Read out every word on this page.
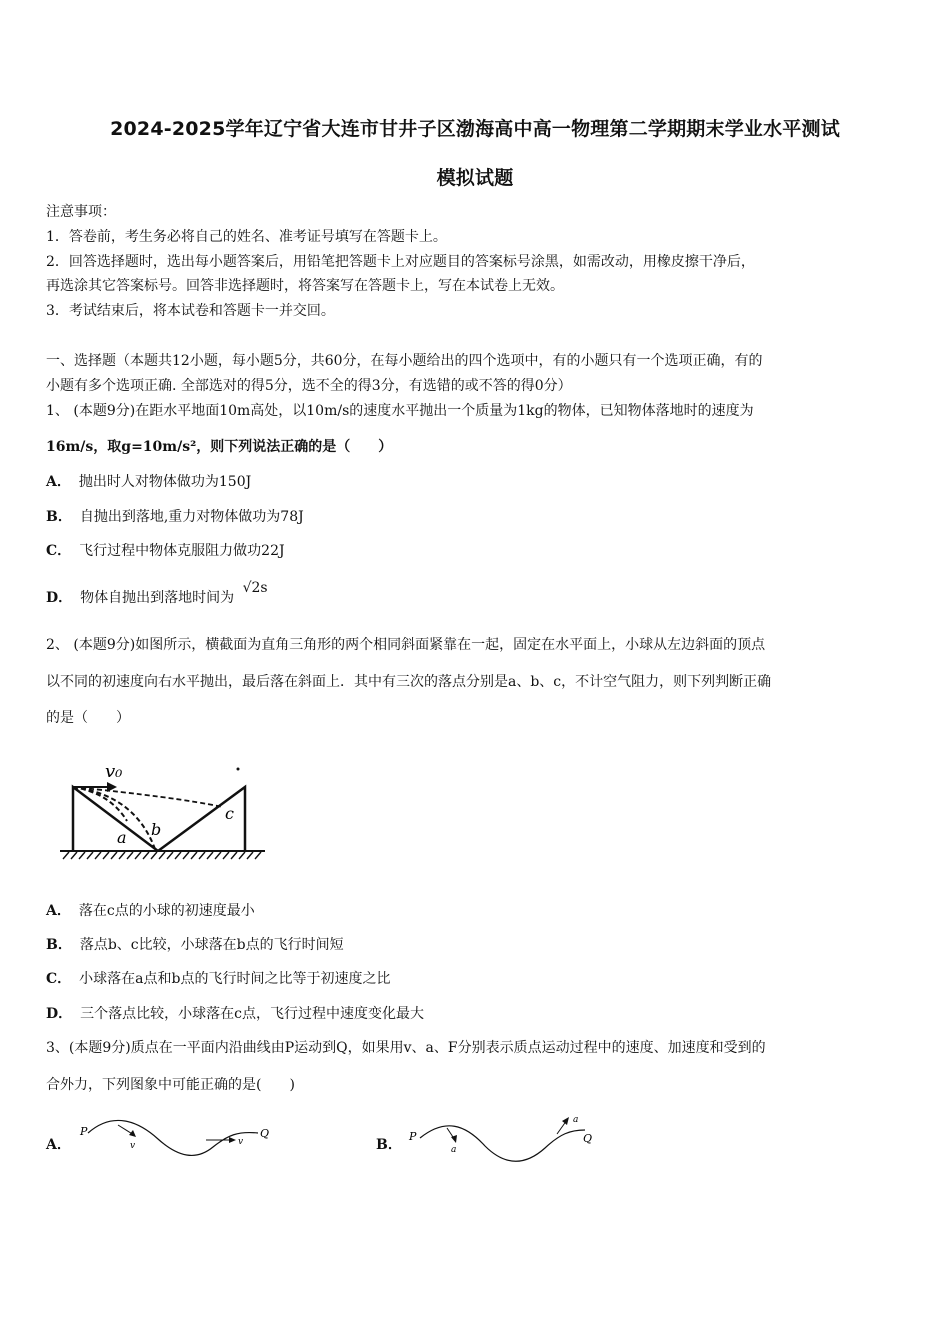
2024-2025学年辽宁省大连市甘井子区渤海高中高一物理第二学期期末学业水平测试
模拟试题
注意事项：
1．答卷前，考生务必将自己的姓名、准考证号填写在答题卡上。
2．回答选择题时，选出每小题答案后，用铅笔把答题卡上对应题目的答案标号涂黑，如需改动，用橡皮擦干净后，
再选涂其它答案标号。回答非选择题时，将答案写在答题卡上，写在本试卷上无效。
3．考试结束后，将本试卷和答题卡一并交回。
一、选择题（本题共12小题，每小题5分，共60分，在每小题给出的四个选项中，有的小题只有一个选项正确，有的
小题有多个选项正确. 全部选对的得5分，选不全的得3分，有选错的或不答的得0分）
1、 (本题9分)在距水平地面10m高处，以10m/s的速度水平抛出一个质量为1kg的物体，已知物体落地时的速度为
16m/s，取g=10m/s²，则下列说法正确的是（　　）
A． 抛出时人对物体做功为150J
B． 自抛出到落地,重力对物体做功为78J
C． 飞行过程中物体克服阻力做功22J
D． 物体自抛出到落地时间为 √2s
2、 (本题9分)如图所示，横截面为直角三角形的两个相同斜面紧靠在一起，固定在水平面上，小球从左边斜面的顶点
以不同的初速度向右水平抛出，最后落在斜面上．其中有三次的落点分别是a、b、c，不计空气阻力，则下列判断正确
的是（　　）
v₀
a b
c
A． 落在c点的小球的初速度最小
B． 落点b、c比较，小球落在b点的飞行时间短
C． 小球落在a点和b点的飞行时间之比等于初速度之比
D． 三个落点比较，小球落在c点，飞行过程中速度变化最大
3、(本题9分)质点在一平面内沿曲线由P运动到Q，如果用v、a、F分别表示质点运动过程中的速度、加速度和受到的
合外力，下列图象中可能正确的是(　　)
A．
P	Q
v	v	B．
P	Q
a
a
